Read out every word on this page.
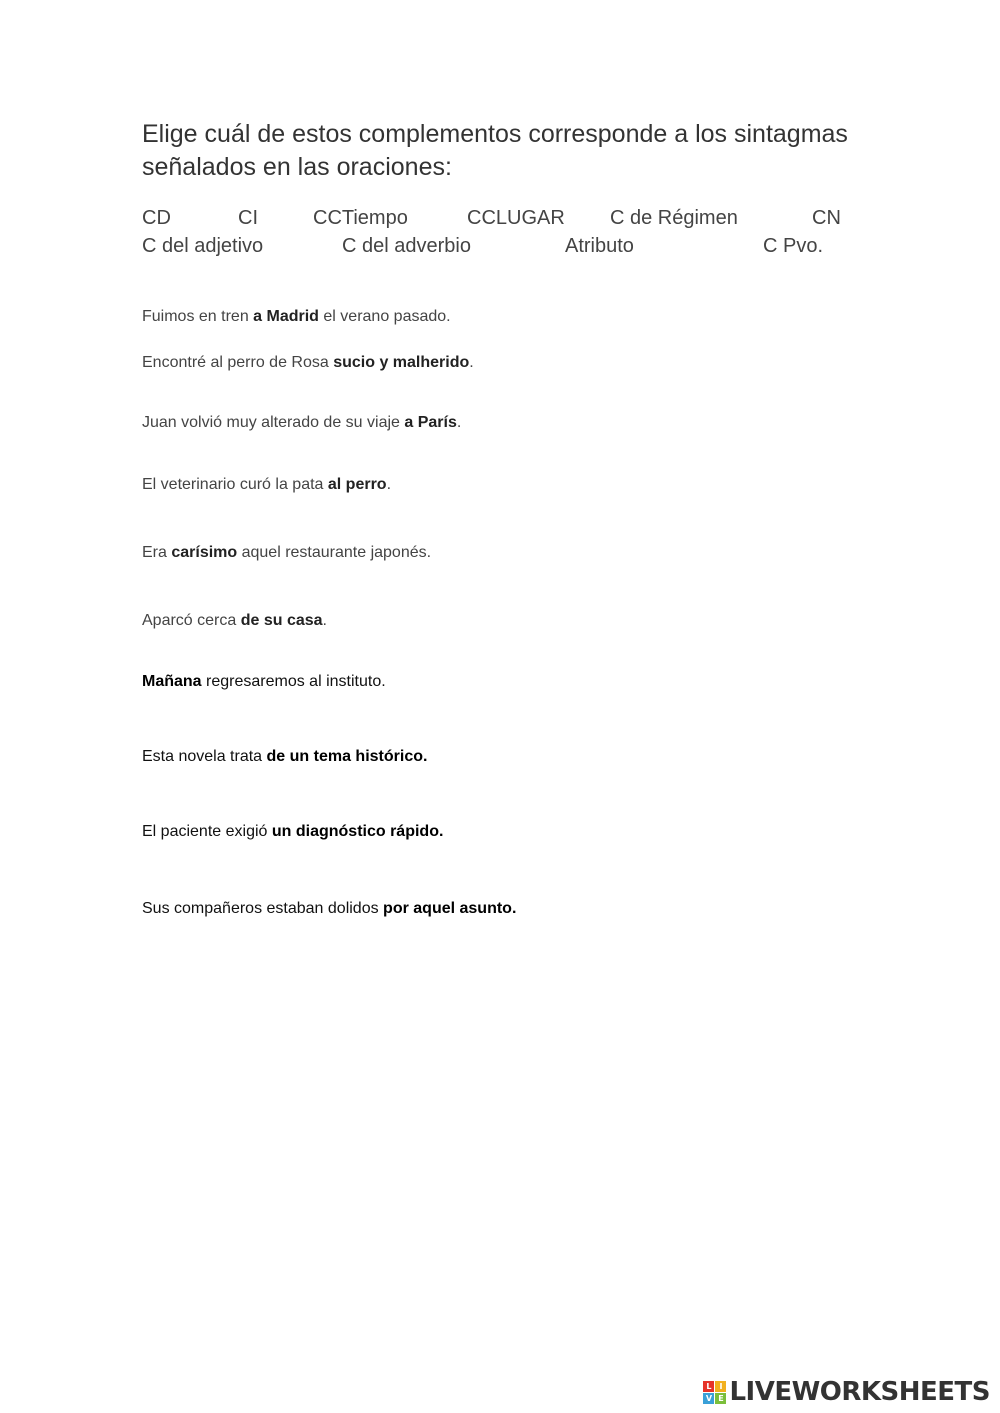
Elige cuál de estos complementos corresponde a los sintagmas señalados en las oraciones:
CD	CI	CCTiempo	CCLUGAR C de Régimen	CN
C del adjetivo	C del adverbio	Atributo	C Pvo.
Fuimos en tren a Madrid el verano pasado.
Encontré al perro de Rosa sucio y malherido.
Juan volvió muy alterado de su viaje a París.
El veterinario curó la pata al perro.
Era carísimo aquel restaurante japonés.
Aparcó cerca de su casa.
Mañana regresaremos al instituto.
Esta novela trata de un tema histórico.
El paciente exigió un diagnóstico rápido.
Sus compañeros estaban dolidos por aquel asunto.
L I
V E LIVEWORKSHEETS
